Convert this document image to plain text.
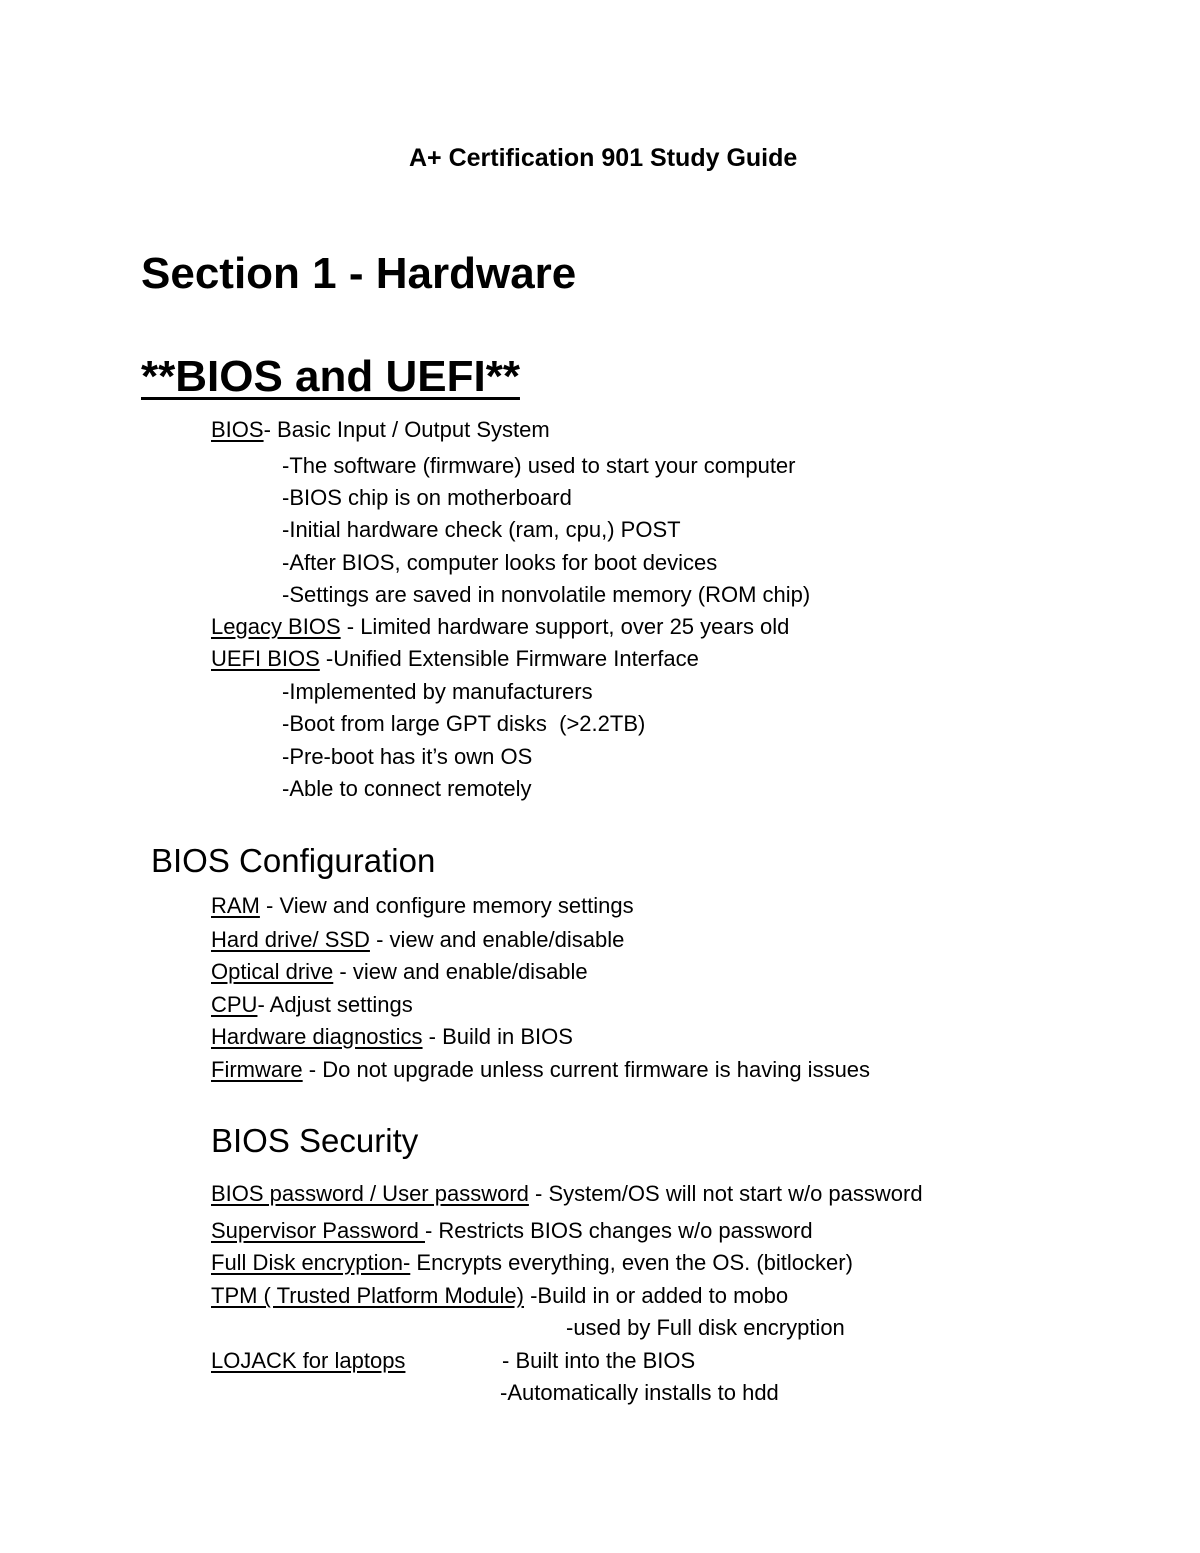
A+ Certification 901 Study Guide
Section 1 - Hardware
**BIOS and UEFI**
BIOS- Basic Input / Output System
-The software (firmware) used to start your computer
-BIOS chip is on motherboard
-Initial hardware check (ram, cpu,) POST
-After BIOS, computer looks for boot devices
-Settings are saved in nonvolatile memory (ROM chip)
Legacy BIOS - Limited hardware support, over 25 years old
UEFI BIOS -Unified Extensible Firmware Interface
-Implemented by manufacturers
-Boot from large GPT disks  (>2.2TB)
-Pre-boot has it’s own OS
-Able to connect remotely
BIOS Configuration
RAM - View and configure memory settings
Hard drive/ SSD - view and enable/disable
Optical drive - view and enable/disable
CPU- Adjust settings
Hardware diagnostics - Build in BIOS
Firmware - Do not upgrade unless current firmware is having issues
BIOS Security
BIOS password / User password - System/OS will not start w/o password
Supervisor Password - Restricts BIOS changes w/o password
Full Disk encryption- Encrypts everything, even the OS. (bitlocker)
TPM ( Trusted Platform Module) -Build in or added to mobo
-used by Full disk encryption
LOJACK for laptops	- Built into the BIOS
-Automatically installs to hdd
